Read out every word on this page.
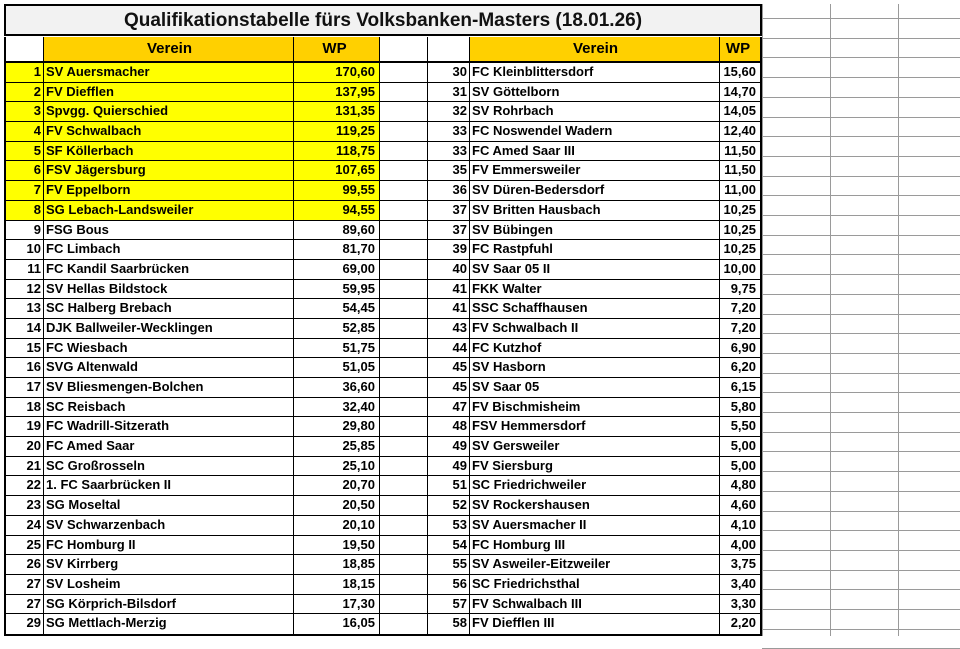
Qualifikationstabelle fürs Volksbanken-Masters (18.01.26)
Verein	WP	Verein	WP
1 SV Auersmacher	170,60	30 FC Kleinblittersdorf	15,60
2 FV Diefflen	137,95	31 SV Göttelborn	14,70
3 Spvgg. Quierschied	131,35	32 SV Rohrbach	14,05
4 FV Schwalbach	119,25	33 FC Noswendel Wadern	12,40
5 SF Köllerbach	118,75	33 FC Amed Saar III	11,50
6 FSV Jägersburg	107,65	35 FV Emmersweiler	11,50
7 FV Eppelborn	99,55	36 SV Düren-Bedersdorf	11,00
8 SG Lebach-Landsweiler	94,55	37 SV Britten Hausbach	10,25
9 FSG Bous	89,60	37 SV Bübingen	10,25
10 FC Limbach	81,70	39 FC Rastpfuhl	10,25
11 FC Kandil Saarbrücken	69,00	40 SV Saar 05 II	10,00
12 SV Hellas Bildstock	59,95	41 FKK Walter	9,75
13 SC Halberg Brebach	54,45	41 SSC Schaffhausen	7,20
14 DJK Ballweiler-Wecklingen	52,85	43 FV Schwalbach II	7,20
15 FC Wiesbach	51,75	44 FC Kutzhof	6,90
16 SVG Altenwald	51,05	45 SV Hasborn	6,20
17 SV Bliesmengen-Bolchen	36,60	45 SV Saar 05	6,15
18 SC Reisbach	32,40	47 FV Bischmisheim	5,80
19 FC Wadrill-Sitzerath	29,80	48 FSV Hemmersdorf	5,50
20 FC Amed Saar	25,85	49 SV Gersweiler	5,00
21 SC Großrosseln	25,10	49 FV Siersburg	5,00
22 1. FC Saarbrücken II	20,70	51 SC Friedrichweiler	4,80
23 SG Moseltal	20,50	52 SV Rockershausen	4,60
24 SV Schwarzenbach	20,10	53 SV Auersmacher II	4,10
25 FC Homburg II	19,50	54 FC Homburg III	4,00
26 SV Kirrberg	18,85	55 SV Asweiler-Eitzweiler	3,75
27 SV Losheim	18,15	56 SC Friedrichsthal	3,40
27 SG Körprich-Bilsdorf	17,30	57 FV Schwalbach III	3,30
29 SG Mettlach-Merzig	16,05	58 FV Diefflen III	2,20
